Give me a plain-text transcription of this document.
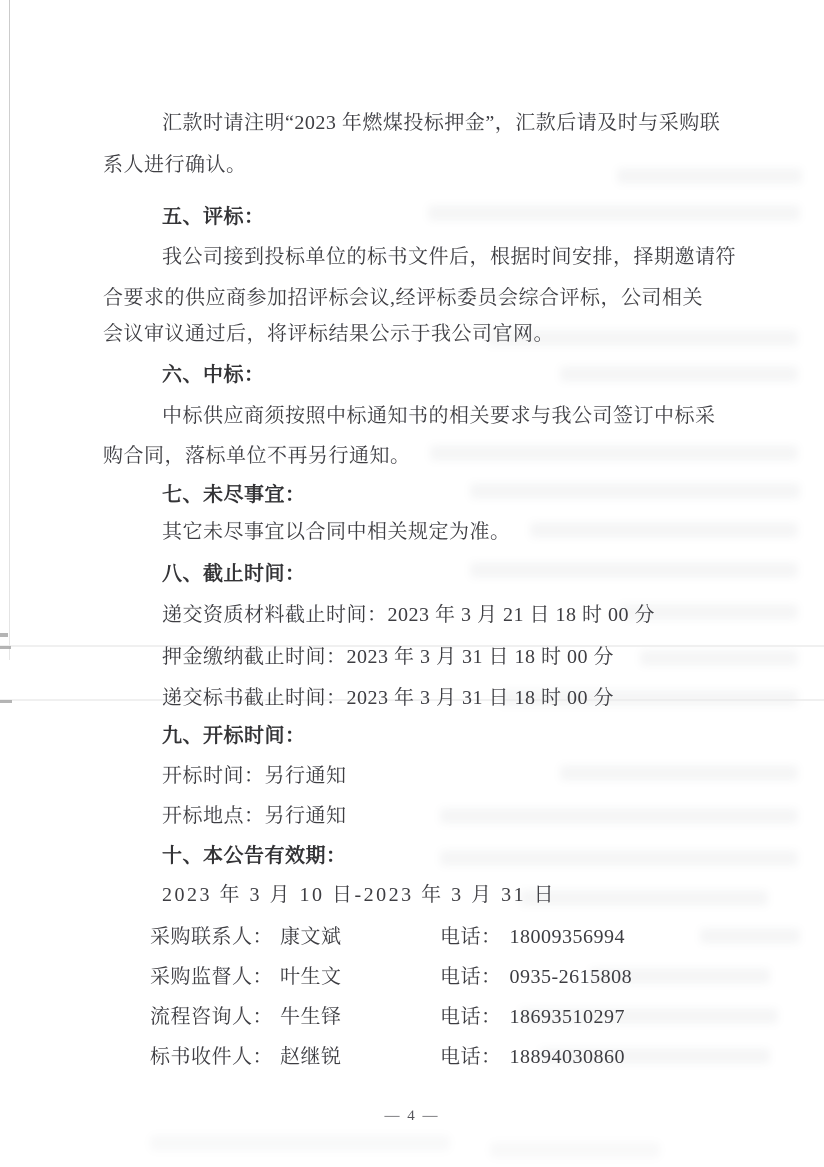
汇款时请注明“2023 年燃煤投标押金”，汇款后请及时与采购联
系人进行确认。
五、评标：
我公司接到投标单位的标书文件后，根据时间安排，择期邀请符
合要求的供应商参加招评标会议,经评标委员会综合评标，公司相关
会议审议通过后，将评标结果公示于我公司官网。
六、中标：
中标供应商须按照中标通知书的相关要求与我公司签订中标采
购合同，落标单位不再另行通知。
七、未尽事宜：
其它未尽事宜以合同中相关规定为准。
八、截止时间：
递交资质材料截止时间：2023 年 3 月 21 日 18 时 00 分
押金缴纳截止时间：2023 年 3 月 31 日 18 时 00 分
递交标书截止时间：2023 年 3 月 31 日 18 时 00 分
九、开标时间：
开标时间：另行通知
开标地点：另行通知
十、本公告有效期：
2023 年 3 月 10 日-2023 年 3 月 31 日
采购联系人： 康文斌	电话： 18009356994
采购监督人： 叶生文	电话： 0935-2615808
流程咨询人： 牛生铎	电话： 18693510297
标书收件人： 赵继锐	电话： 18894030860
— 4 —
